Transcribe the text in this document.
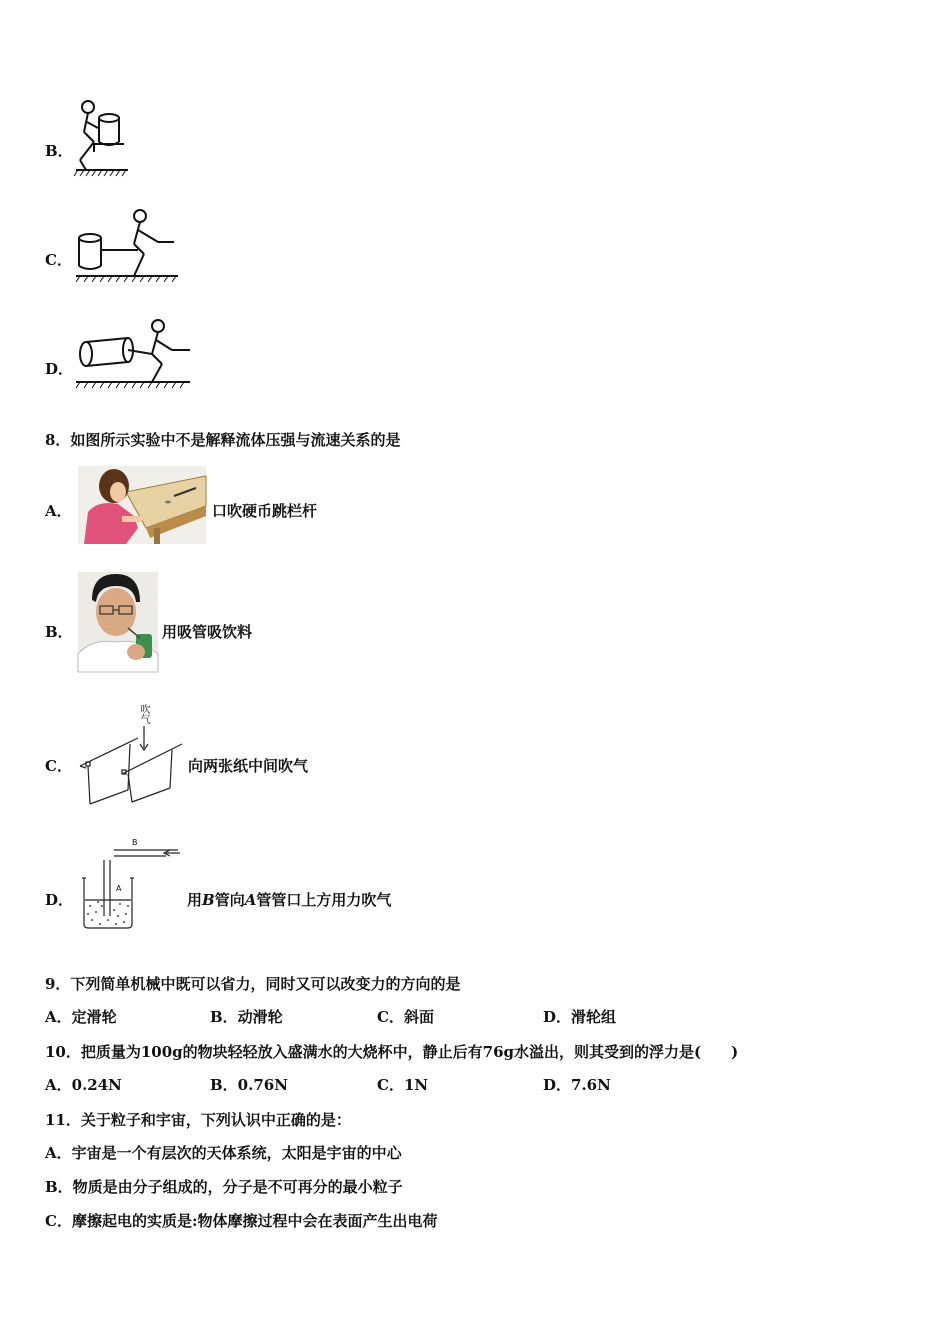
B．
C．
D．
8．如图所示实验中不是解释流体压强与流速关系的是
A．	口吹硬币跳栏杆
B．	用吸管吸饮料
C．
吹气
向两张纸中间吹气
D．
B
A
用B管向A管管口上方用力吹气
9．下列简单机械中既可以省力，同时又可以改变力的方向的是
A．定滑轮	B．动滑轮	C．斜面	D．滑轮组
10．把质量为100g的物块轻轻放入盛满水的大烧杯中，静止后有76g水溢出，则其受到的浮力是(　　)
A．0.24N	B．0.76N	C．1N	D．7.6N
11．关于粒子和宇宙，下列认识中正确的是：
A．宇宙是一个有层次的天体系统，太阳是宇宙的中心
B．物质是由分子组成的，分子是不可再分的最小粒子
C．摩擦起电的实质是:物体摩擦过程中会在表面产生出电荷
